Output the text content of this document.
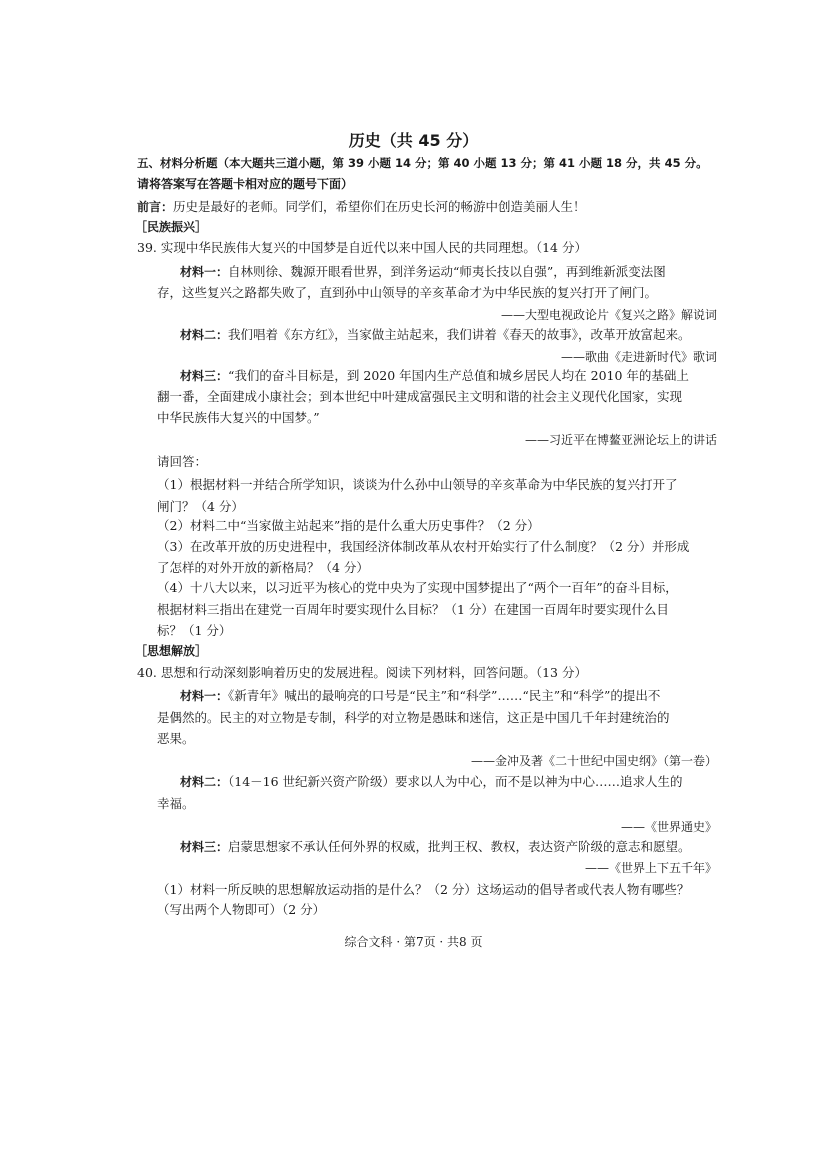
历史（共 45 分）
五、材料分析题（本大题共三道小题，第 39 小题 14 分；第 40 小题 13 分；第 41 小题 18 分，共 45 分。
请将答案写在答题卡相对应的题号下面）
前言：历史是最好的老师。同学们，希望你们在历史长河的畅游中创造美丽人生！
［民族振兴］
39. 实现中华民族伟大复兴的中国梦是自近代以来中国人民的共同理想。（14 分）
材料一：自林则徐、魏源开眼看世界，到洋务运动“师夷长技以自强”，再到维新派变法图
存，这些复兴之路都失败了，直到孙中山领导的辛亥革命才为中华民族的复兴打开了闸门。
——大型电视政论片《复兴之路》解说词
材料二：我们唱着《东方红》，当家做主站起来，我们讲着《春天的故事》，改革开放富起来。
——歌曲《走进新时代》歌词
材料三：“我们的奋斗目标是，到 2020 年国内生产总值和城乡居民人均在 2010 年的基础上
翻一番，全面建成小康社会；到本世纪中叶建成富强民主文明和谐的社会主义现代化国家，实现
中华民族伟大复兴的中国梦。”
——习近平在博鳌亚洲论坛上的讲话
请回答：
（1）根据材料一并结合所学知识，谈谈为什么孙中山领导的辛亥革命为中华民族的复兴打开了
闸门？（4 分）
（2）材料二中“当家做主站起来”指的是什么重大历史事件？（2 分）
（3）在改革开放的历史进程中，我国经济体制改革从农村开始实行了什么制度？（2 分）并形成
了怎样的对外开放的新格局？（4 分）
（4）十八大以来，以习近平为核心的党中央为了实现中国梦提出了“两个一百年”的奋斗目标，
根据材料三指出在建党一百周年时要实现什么目标？（1 分）在建国一百周年时要实现什么目
标？（1 分）
［思想解放］
40. 思想和行动深刻影响着历史的发展进程。阅读下列材料，回答问题。（13 分）
材料一：《新青年》喊出的最响亮的口号是“民主”和“科学”……“民主”和“科学”的提出不
是偶然的。民主的对立物是专制，科学的对立物是愚昧和迷信，这正是中国几千年封建统治的
恶果。
——金冲及著《二十世纪中国史纲》（第一卷）
材料二：（14－16 世纪新兴资产阶级）要求以人为中心，而不是以神为中心……追求人生的
幸福。
——《世界通史》
材料三：启蒙思想家不承认任何外界的权威，批判王权、教权，表达资产阶级的意志和愿望。
——《世界上下五千年》
（1）材料一所反映的思想解放运动指的是什么？（2 分）这场运动的倡导者或代表人物有哪些？
（写出两个人物即可）（2 分）
综合文科 · 第7页 · 共8 页
